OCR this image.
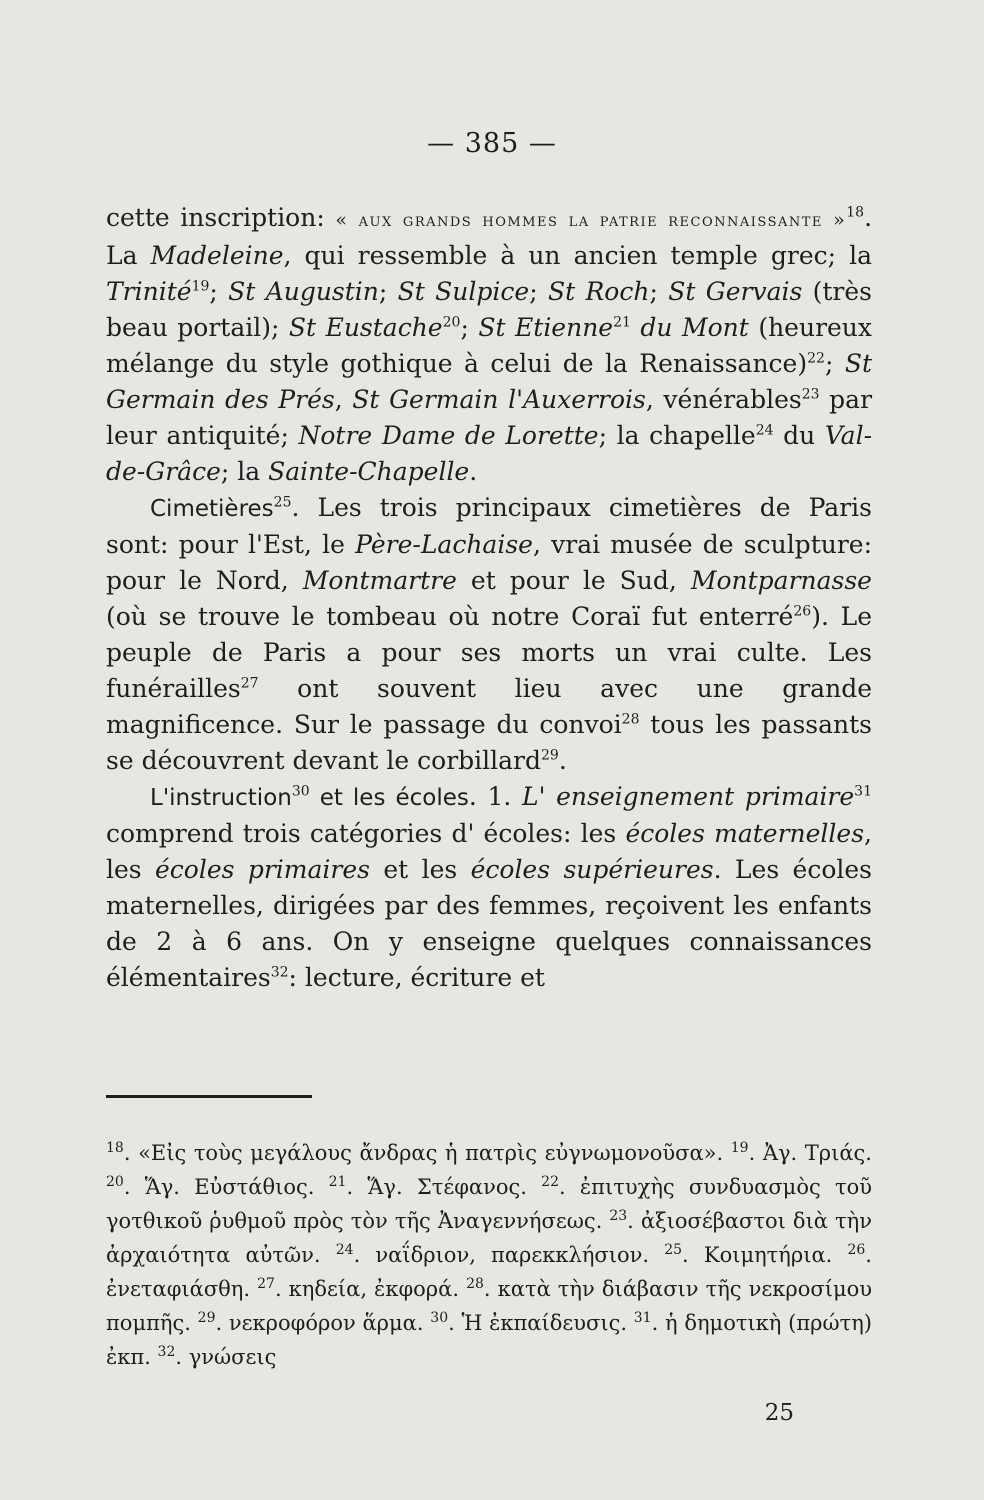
— 385 —

cette inscription: « aux grands hommes la patrie reconnaissante »$^{18}$. La Madeleine, qui ressemble à un ancien temple grec; la Trinité$^{19}$; St Augustin; St Sulpice; St Roch; St Gervais (très beau portail); St Eustache$^{20}$; St Etienne$^{21}$ du Mont (heureux mélange du style gothique à celui de la Renaissance)$^{22}$; St Germain des Prés, St Germain l'Auxerrois, vénérables$^{23}$ par leur antiquité; Notre Dame de Lorette; la chapelle$^{24}$ du Val-de-Grâce; la Sainte-Chapelle.

Cimetières$^{25}$. Les trois principaux cimetières de Paris sont: pour l'Est, le Père-Lachaise, vrai musée de sculpture: pour le Nord, Montmartre et pour le Sud, Montparnasse (où se trouve le tombeau où notre Coraï fut enterré$^{26}$). Le peuple de Paris a pour ses morts un vrai culte. Les funérailles$^{27}$ ont souvent lieu avec une grande magnificence. Sur le passage du convoi$^{28}$ tous les passants se découvrent devant le corbillard$^{29}$.

L'instruction$^{30}$ et les écoles. 1. L' enseignement primaire$^{31}$ comprend trois catégories d' écoles: les écoles maternelles, les écoles primaires et les écoles supérieures. Les écoles maternelles, dirigées par des femmes, reçoivent les enfants de 2 à 6 ans. On y enseigne quelques connaissances élémentaires$^{32}$: lecture, écriture et

$^{18}$. «Εἰς τοὺς μεγάλους ἄνδρας ἡ πατρὶς εὐγνωμονοῦσα». $^{19}$. Ἀγ. Τριάς. $^{20}$. Ἅγ. Εὐστάθιος. $^{21}$. Ἅγ. Στέφανος. $^{22}$. ἐπιτυχὴς συνδυασμὸς τοῦ γοτθικοῦ ῥυθμοῦ πρὸς τὸν τῆς Ἀναγεννήσεως. $^{23}$. ἀξιοσέβαστοι διὰ τὴν ἀρχαιότητα αὐτῶν. $^{24}$. ναΐδριον, παρεκκλήσιον. $^{25}$. Κοιμητήρια. $^{26}$. ἐνεταφιάσθη. $^{27}$. κηδεία, ἐκφορά. $^{28}$. κατὰ τὴν διάβασιν τῆς νεκροσίμου πομπῆς. $^{29}$. νεκροφόρον ἅρμα. $^{30}$. Ἡ ἐκπαίδευσις. $^{31}$. ἡ δημοτικὴ (πρώτη) ἐκπ. $^{32}$. γνώσεις
25
